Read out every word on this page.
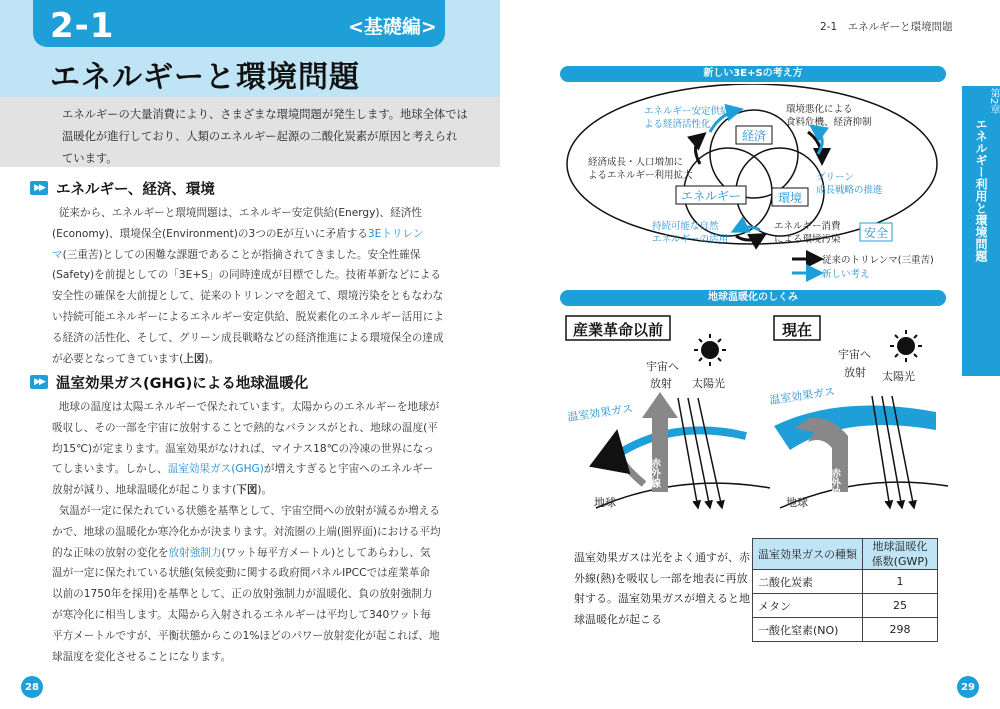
2-1	<基礎編>
エネルギーと環境問題
エネルギーの大量消費により、さまざまな環境問題が発生します。地球全体では
温暖化が進行しており、人類のエネルギー起源の二酸化炭素が原因と考えられ
ています。
▶▶ エネルギー、経済、環境
従来から、エネルギーと環境問題は、エネルギー安定供給(Energy)、経済性
(Economy)、環境保全(Environment)の3つのEが互いに矛盾する3Eトリレン
マ(三重苦)としての困難な課題であることが指摘されてきました。安全性確保
(Safety)を前提としての「3E+S」の同時達成が目標でした。技術革新などによる
安全性の確保を大前提として、従来のトリレンマを超えて、環境汚染をともなわな
い持続可能エネルギーによるエネルギー安定供給、脱炭素化のエネルギー活用によ
る経済の活性化、そして、グリーン成長戦略などの経済推進による環境保全の達成
が必要となってきています(上図)。
▶▶ 温室効果ガス(GHG)による地球温暖化
地球の温度は太陽エネルギーで保たれています。太陽からのエネルギーを地球が
吸収し、その一部を宇宙に放射することで熱的なバランスがとれ、地球の温度(平
均15℃)が定まります。温室効果がなければ、マイナス18℃の冷凍の世界になっ
てしまいます。しかし、温室効果ガス(GHG)が増えすぎると宇宙へのエネルギー
放射が減り、地球温暖化が起こります(下図)。
気温が一定に保たれている状態を基準として、宇宙空間への放射が減るか増える
かで、地球の温暖化か寒冷化かが決まります。対流圏の上端(圏界面)における平均
的な正味の放射の変化を放射強制力(ワット毎平方メートル)としてあらわし、気
温が一定に保たれている状態(気候変動に関する政府間パネルIPCCでは産業革命
以前の1750年を採用)を基準として、正の放射強制力が温暖化、負の放射強制力
が寒冷化に相当します。太陽から入射されるエネルギーは平均して340ワット毎
平方メートルですが、平衡状態からこの1%ほどのパワー放射変化が起これば、地
球温度を変化させることになります。
28
2-1　エネルギーと環境問題
第2章
エネルギー利用と環境問題
新しい3E+Sの考え方
経済
エネルギー	環境
安全
エネルギー安定供給に
よる経済活性化
環境悪化による
食料危機、経済抑制
経済成長・人口増加に
よるエネルギー利用拡大	グリーン
成長戦略の推進
持続可能な自然
エネルギーの活用
エネルギー消費
による環境汚染
従来のトリレンマ(三重苦)
新しい考え
地球温暖化のしくみ
産業革命以前
宇宙へ
放射 太陽光
温室効果ガス
地球
赤外線
現在
宇宙へ
放射 太陽光
温室効果ガス
地球
赤外線
温室効果ガスは光をよく通すが、赤外線(熱)を吸収し一部を地表に再放射する。温室効果ガスが増えると地球温暖化が起こる
温室効果ガスの種類	地球温暖化係数(GWP)
二酸化炭素	1
メタン	25
一酸化窒素(NO)	298
29
